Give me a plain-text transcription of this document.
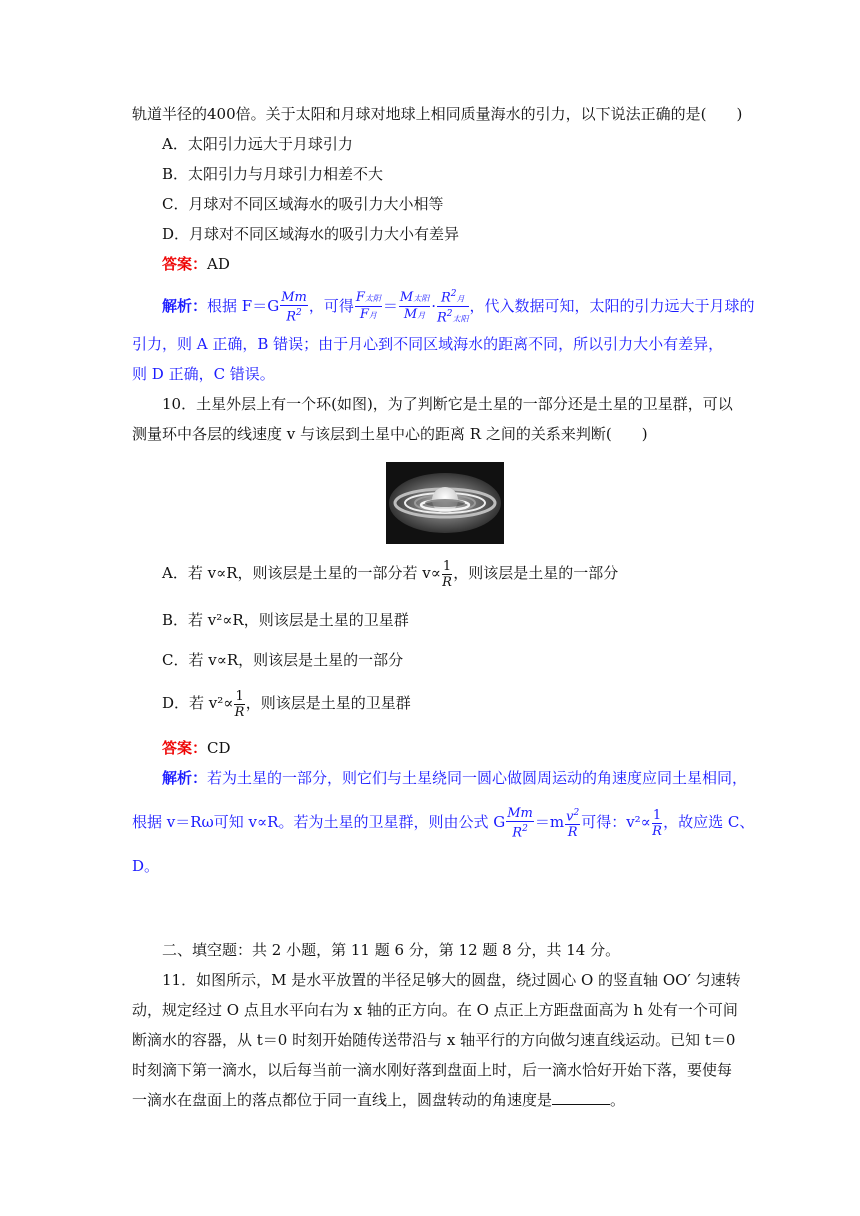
轨道半径的400倍。关于太阳和月球对地球上相同质量海水的引力，以下说法正确的是(　　)
A．太阳引力远大于月球引力
B．太阳引力与月球引力相差不大
C．月球对不同区域海水的吸引力大小相等
D．月球对不同区域海水的吸引力大小有差异
答案：AD
解析：根据 $F=G \frac{Mm}{R^2}$ ，可得 $\frac{\text{F太阳}}{\text{F月}} = \frac{\text{M太阳}}{\text{M月}} \cdot \frac{R^2月}{R^2太阳}$ ，代入数据可知，太阳的引力远大于月球的
引力，则 A 正确，B 错误；由于月心到不同区域海水的距离不同，所以引力大小有差异，
则 D 正确，C 错误。
10．土星外层上有一个环(如图)，为了判断它是土星的一部分还是土星的卫星群，可以
测量环中各层的线速度 v 与该层到土星中心的距离 R 之间的关系来判断(　　)
A．若 v∝R，则该层是土星的一部分若 $v\propto \frac{1}{R}$ ，则该层是土星的一部分
B．若 v²∝R，则该层是土星的卫星群
C．若 v∝R，则该层是土星的一部分
D．若 $v^2\propto \frac{1}{R}$ ，则该层是土星的卫星群
答案：CD
解析：若为土星的一部分，则它们与土星绕同一圆心做圆周运动的角速度应同土星相同，
根据 v＝Rω可知 v∝R。若为土星的卫星群，则由公式 G $\frac{Mm}{R^2} =m \frac{v^2}{R}$ 可得：$v^2\propto \frac{1}{R}$ ，故应选 C、
D。
二、填空题：共 2 小题，第 11 题 6 分，第 12 题 8 分，共 14 分。
11．如图所示，M 是水平放置的半径足够大的圆盘，绕过圆心 O 的竖直轴 OO′ 匀速转
动，规定经过 O 点且水平向右为 x 轴的正方向。在 O 点正上方距盘面高为 h 处有一个可间
断滴水的容器，从 t＝0 时刻开始随传送带沿与 x 轴平行的方向做匀速直线运动。已知 t＝0
时刻滴下第一滴水，以后每当前一滴水刚好落到盘面上时，后一滴水恰好开始下落，要使每
一滴水在盘面上的落点都位于同一直线上，圆盘转动的角速度是	。
